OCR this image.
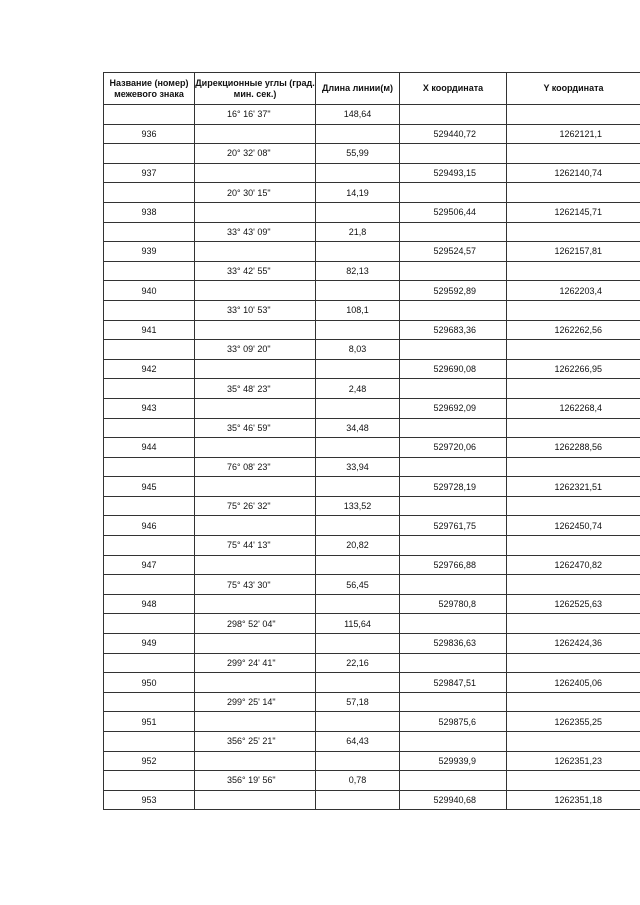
Название (номер) межевого знака	Дирекционные углы (град. мин. сек.)	Длина линии(м)	X координата	Y координата
	16° 16' 37"	148,64		
936			529440,72	1262121,1
	20° 32' 08"	55,99		
937			529493,15	1262140,74
	20° 30' 15"	14,19		
938			529506,44	1262145,71
	33° 43' 09"	21,8		
939			529524,57	1262157,81
	33° 42' 55"	82,13		
940			529592,89	1262203,4
	33° 10' 53"	108,1		
941			529683,36	1262262,56
	33° 09' 20"	8,03		
942			529690,08	1262266,95
	35° 48' 23"	2,48		
943			529692,09	1262268,4
	35° 46' 59"	34,48		
944			529720,06	1262288,56
	76° 08' 23"	33,94		
945			529728,19	1262321,51
	75° 26' 32"	133,52		
946			529761,75	1262450,74
	75° 44' 13"	20,82		
947			529766,88	1262470,82
	75° 43' 30"	56,45		
948			529780,8	1262525,63
	298° 52' 04"	115,64		
949			529836,63	1262424,36
	299° 24' 41"	22,16		
950			529847,51	1262405,06
	299° 25' 14"	57,18		
951			529875,6	1262355,25
	356° 25' 21"	64,43		
952			529939,9	1262351,23
	356° 19' 56"	0,78		
953			529940,68	1262351,18
